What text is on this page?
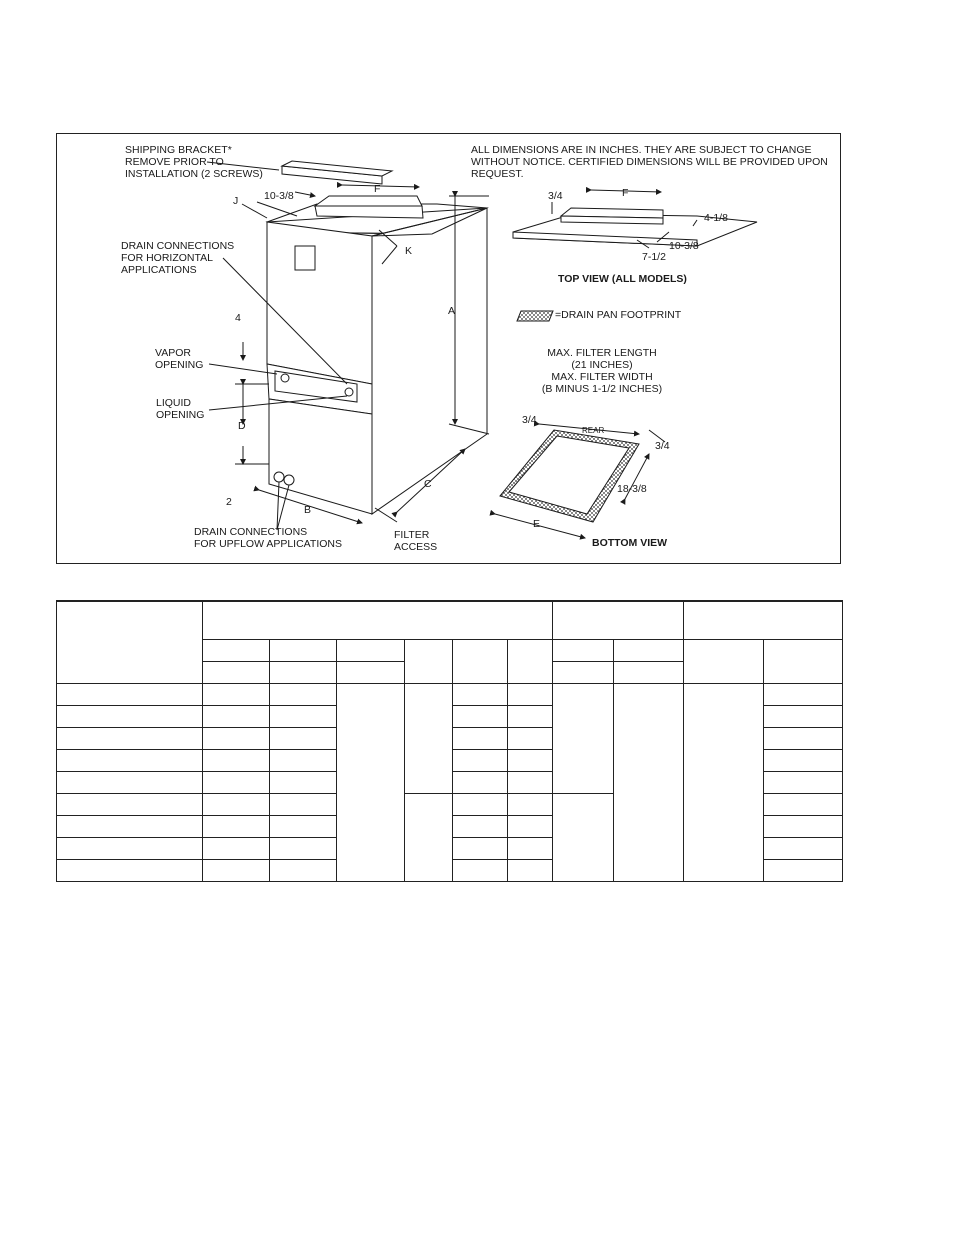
SHIPPING BRACKET*
REMOVE PRIOR TO
INSTALLATION (2 SCREWS)
10-3/8
F
J
K
DRAIN CONNECTIONS
FOR HORIZONTAL
APPLICATIONS
A
4
VAPOR
OPENING
LIQUID
OPENING
D
2
B
C
DRAIN CONNECTIONS
FOR UPFLOW APPLICATIONS
FILTER
ACCESS
ALL DIMENSIONS ARE IN INCHES. THEY ARE SUBJECT TO CHANGE WITHOUT NOTICE. CERTIFIED DIMENSIONS WILL BE PROVIDED UPON REQUEST.
3/4	F
4-1/8
10-3/8
7-1/2
TOP VIEW (ALL MODELS)
=DRAIN PAN FOOTPRINT
MAX. FILTER LENGTH
(21 INCHES)
MAX. FILTER WIDTH
(B MINUS 1-1/2 INCHES)
3/4
REAR
3/4
18-3/8
E
BOTTOM VIEW
